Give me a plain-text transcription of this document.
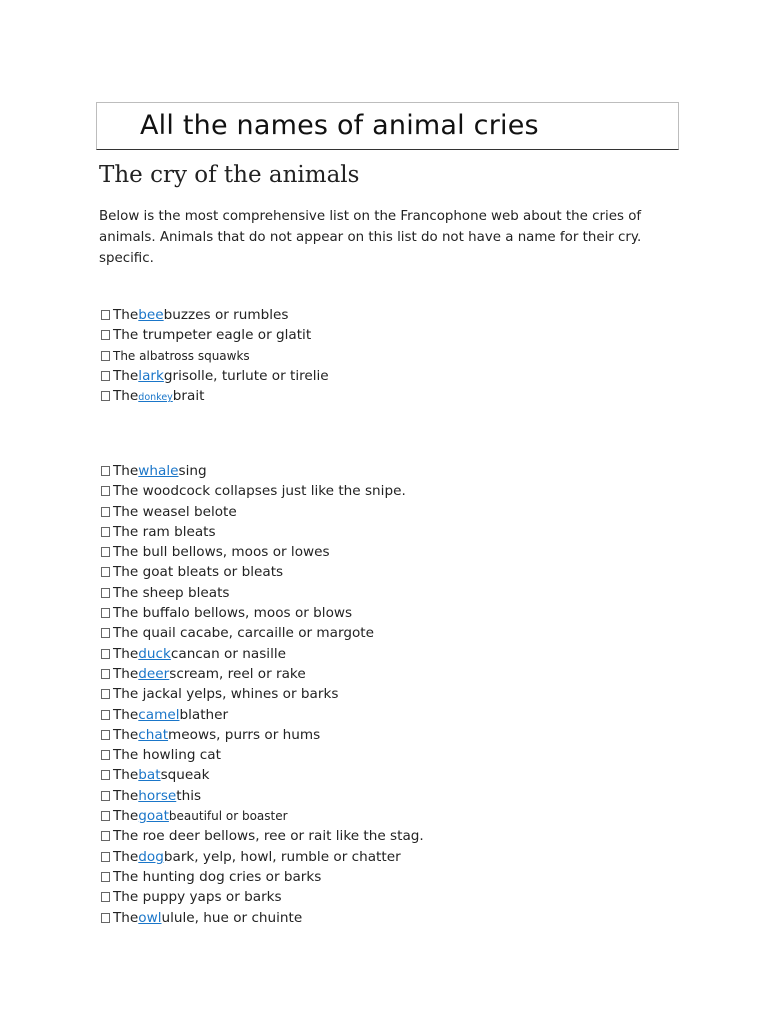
All the names of animal cries
The cry of the animals
Below is the most comprehensive list on the Francophone web about the cries of animals. Animals that do not appear on this list do not have a name for their cry. specific.
Thebeebuzzes or rumbles
The trumpeter eagle or glatit
The albatross squawks
Thelarkgrisolle, turlute or tirelie
Thedonkeybrait
Thewhalesing
The woodcock collapses just like the snipe.
The weasel belote
The ram bleats
The bull bellows, moos or lowes
The goat bleats or bleats
The sheep bleats
The buffalo bellows, moos or blows
The quail cacabe, carcaille or margote
Theduckcancan or nasille
Thedeerscream, reel or rake
The jackal yelps, whines or barks
Thecamelblather
Thechatmeows, purrs or hums
The howling cat
Thebatsqueak
Thehorsethis
Thegoatbeautiful or boaster
The roe deer bellows, ree or rait like the stag.
Thedogbark, yelp, howl, rumble or chatter
The hunting dog cries or barks
The puppy yaps or barks
Theowlulule, hue or chuinte
